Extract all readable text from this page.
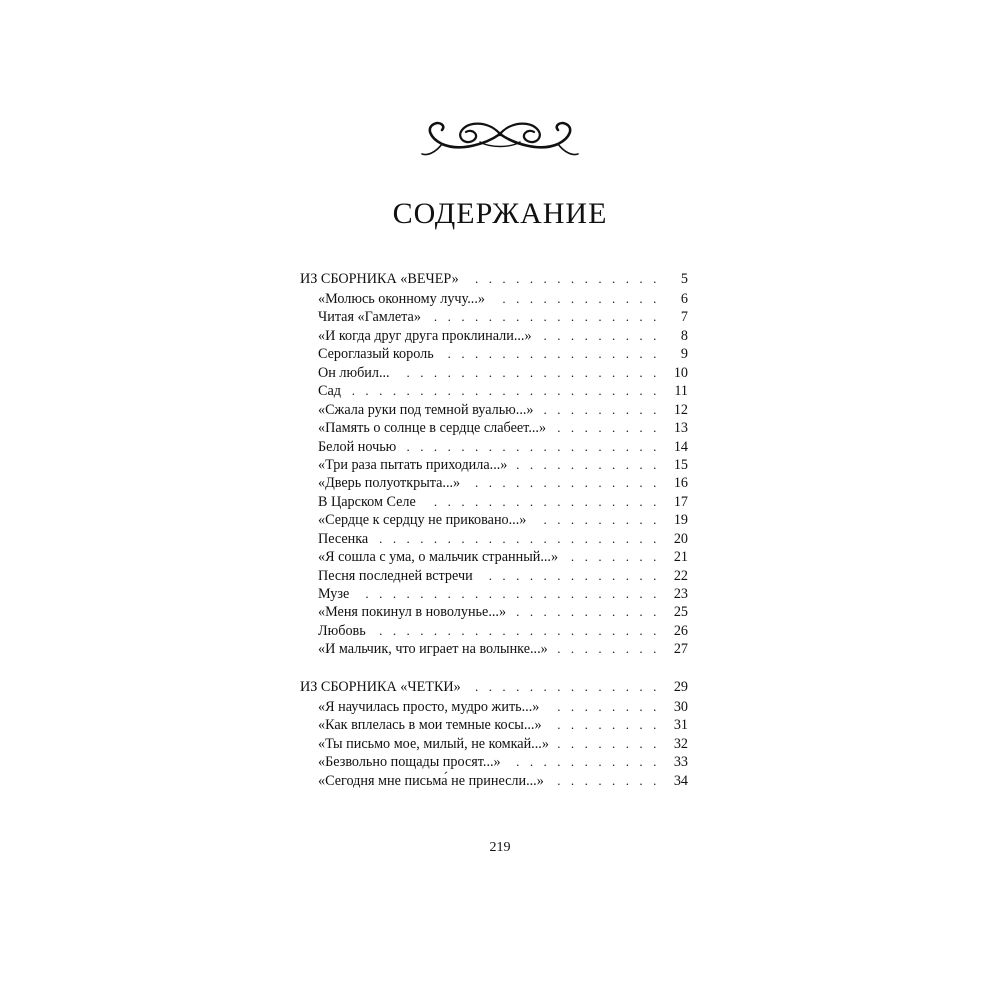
СОДЕРЖАНИЕ
ИЗ СБОРНИКА «ВЕЧЕР» . . .	5
«Молюсь оконному лучу...» . . .	6
Читая «Гамлета» . . .	7
«И когда друг друга проклинали...» . . .	8
Сероглазый король . . .	9
Он любил... . . .	10
Сад . . .	11
«Сжала руки под темной вуалью...» . . .	12
«Память о солнце в сердце слабеет...» . . .	13
Белой ночью . . .	14
«Три раза пытать приходила...» . . .	15
«Дверь полуоткрыта...» . . .	16
В Царском Селе . . .	17
«Сердце к сердцу не приковано...» . . .	19
Песенка . . .	20
«Я сошла с ума, о мальчик странный...» . . .	21
Песня последней встречи . . .	22
Музе . . .	23
«Меня покинул в новолунье...» . . .	25
Любовь . . .	26
«И мальчик, что играет на волынке...» . . .	27
ИЗ СБОРНИКА «ЧЕТКИ» . . .	29
«Я научилась просто, мудро жить...» . . .	30
«Как вплелась в мои темные косы...» . . .	31
«Ты письмо мое, милый, не комкай...» . . .	32
«Безвольно пощады просят...» . . .	33
«Сегодня мне письма́ не принесли...» . . .	34
219
